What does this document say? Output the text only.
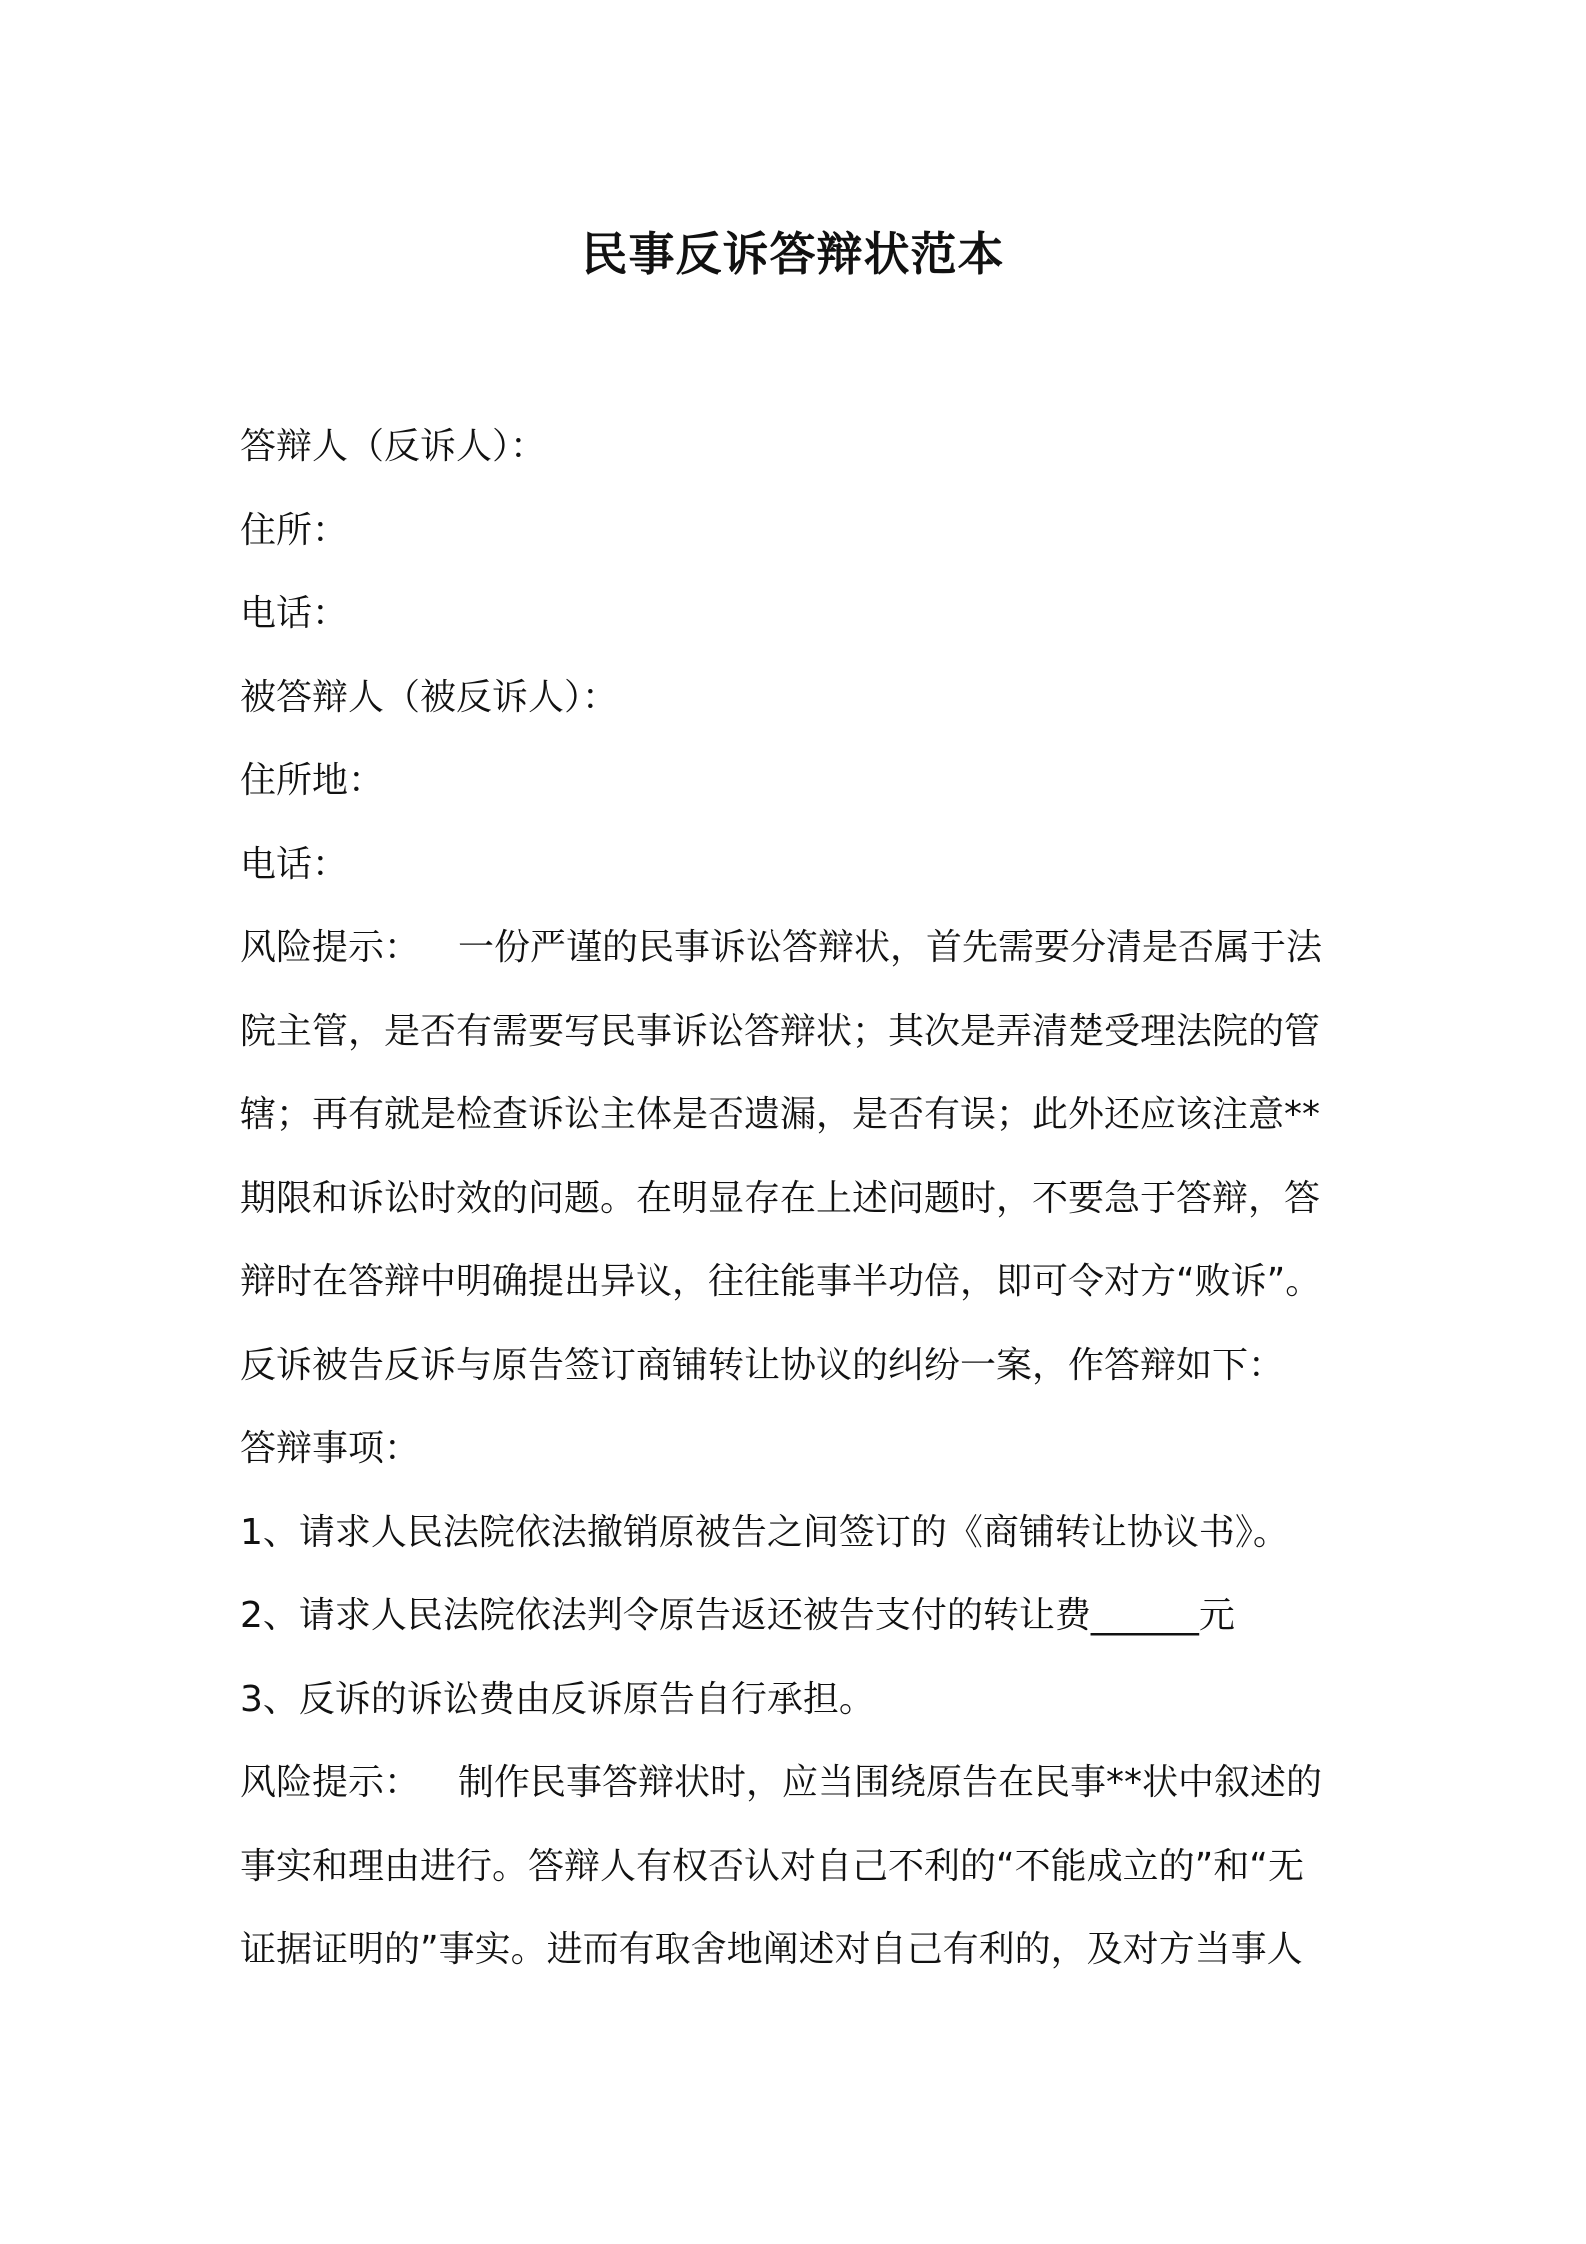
民事反诉答辩状范本
答辩人（反诉人）：
住所：
电话：
被答辩人（被反诉人）：
住所地：
电话：
风险提示： 一份严谨的民事诉讼答辩状，首先需要分清是否属于法
院主管，是否有需要写民事诉讼答辩状；其次是弄清楚受理法院的管
辖；再有就是检查诉讼主体是否遗漏，是否有误；此外还应该注意**
期限和诉讼时效的问题。在明显存在上述问题时，不要急于答辩，答
辩时在答辩中明确提出异议，往往能事半功倍，即可令对方“败诉”。
反诉被告反诉与原告签订商铺转让协议的纠纷一案，作答辩如下：
答辩事项：
1、请求人民法院依法撤销原被告之间签订的《商铺转让协议书》。
2、请求人民法院依法判令原告返还被告支付的转让费______元
3、反诉的诉讼费由反诉原告自行承担。
风险提示： 制作民事答辩状时，应当围绕原告在民事**状中叙述的
事实和理由进行。答辩人有权否认对自己不利的“不能成立的”和“无
证据证明的”事实。进而有取舍地阐述对自己有利的，及对方当事人
